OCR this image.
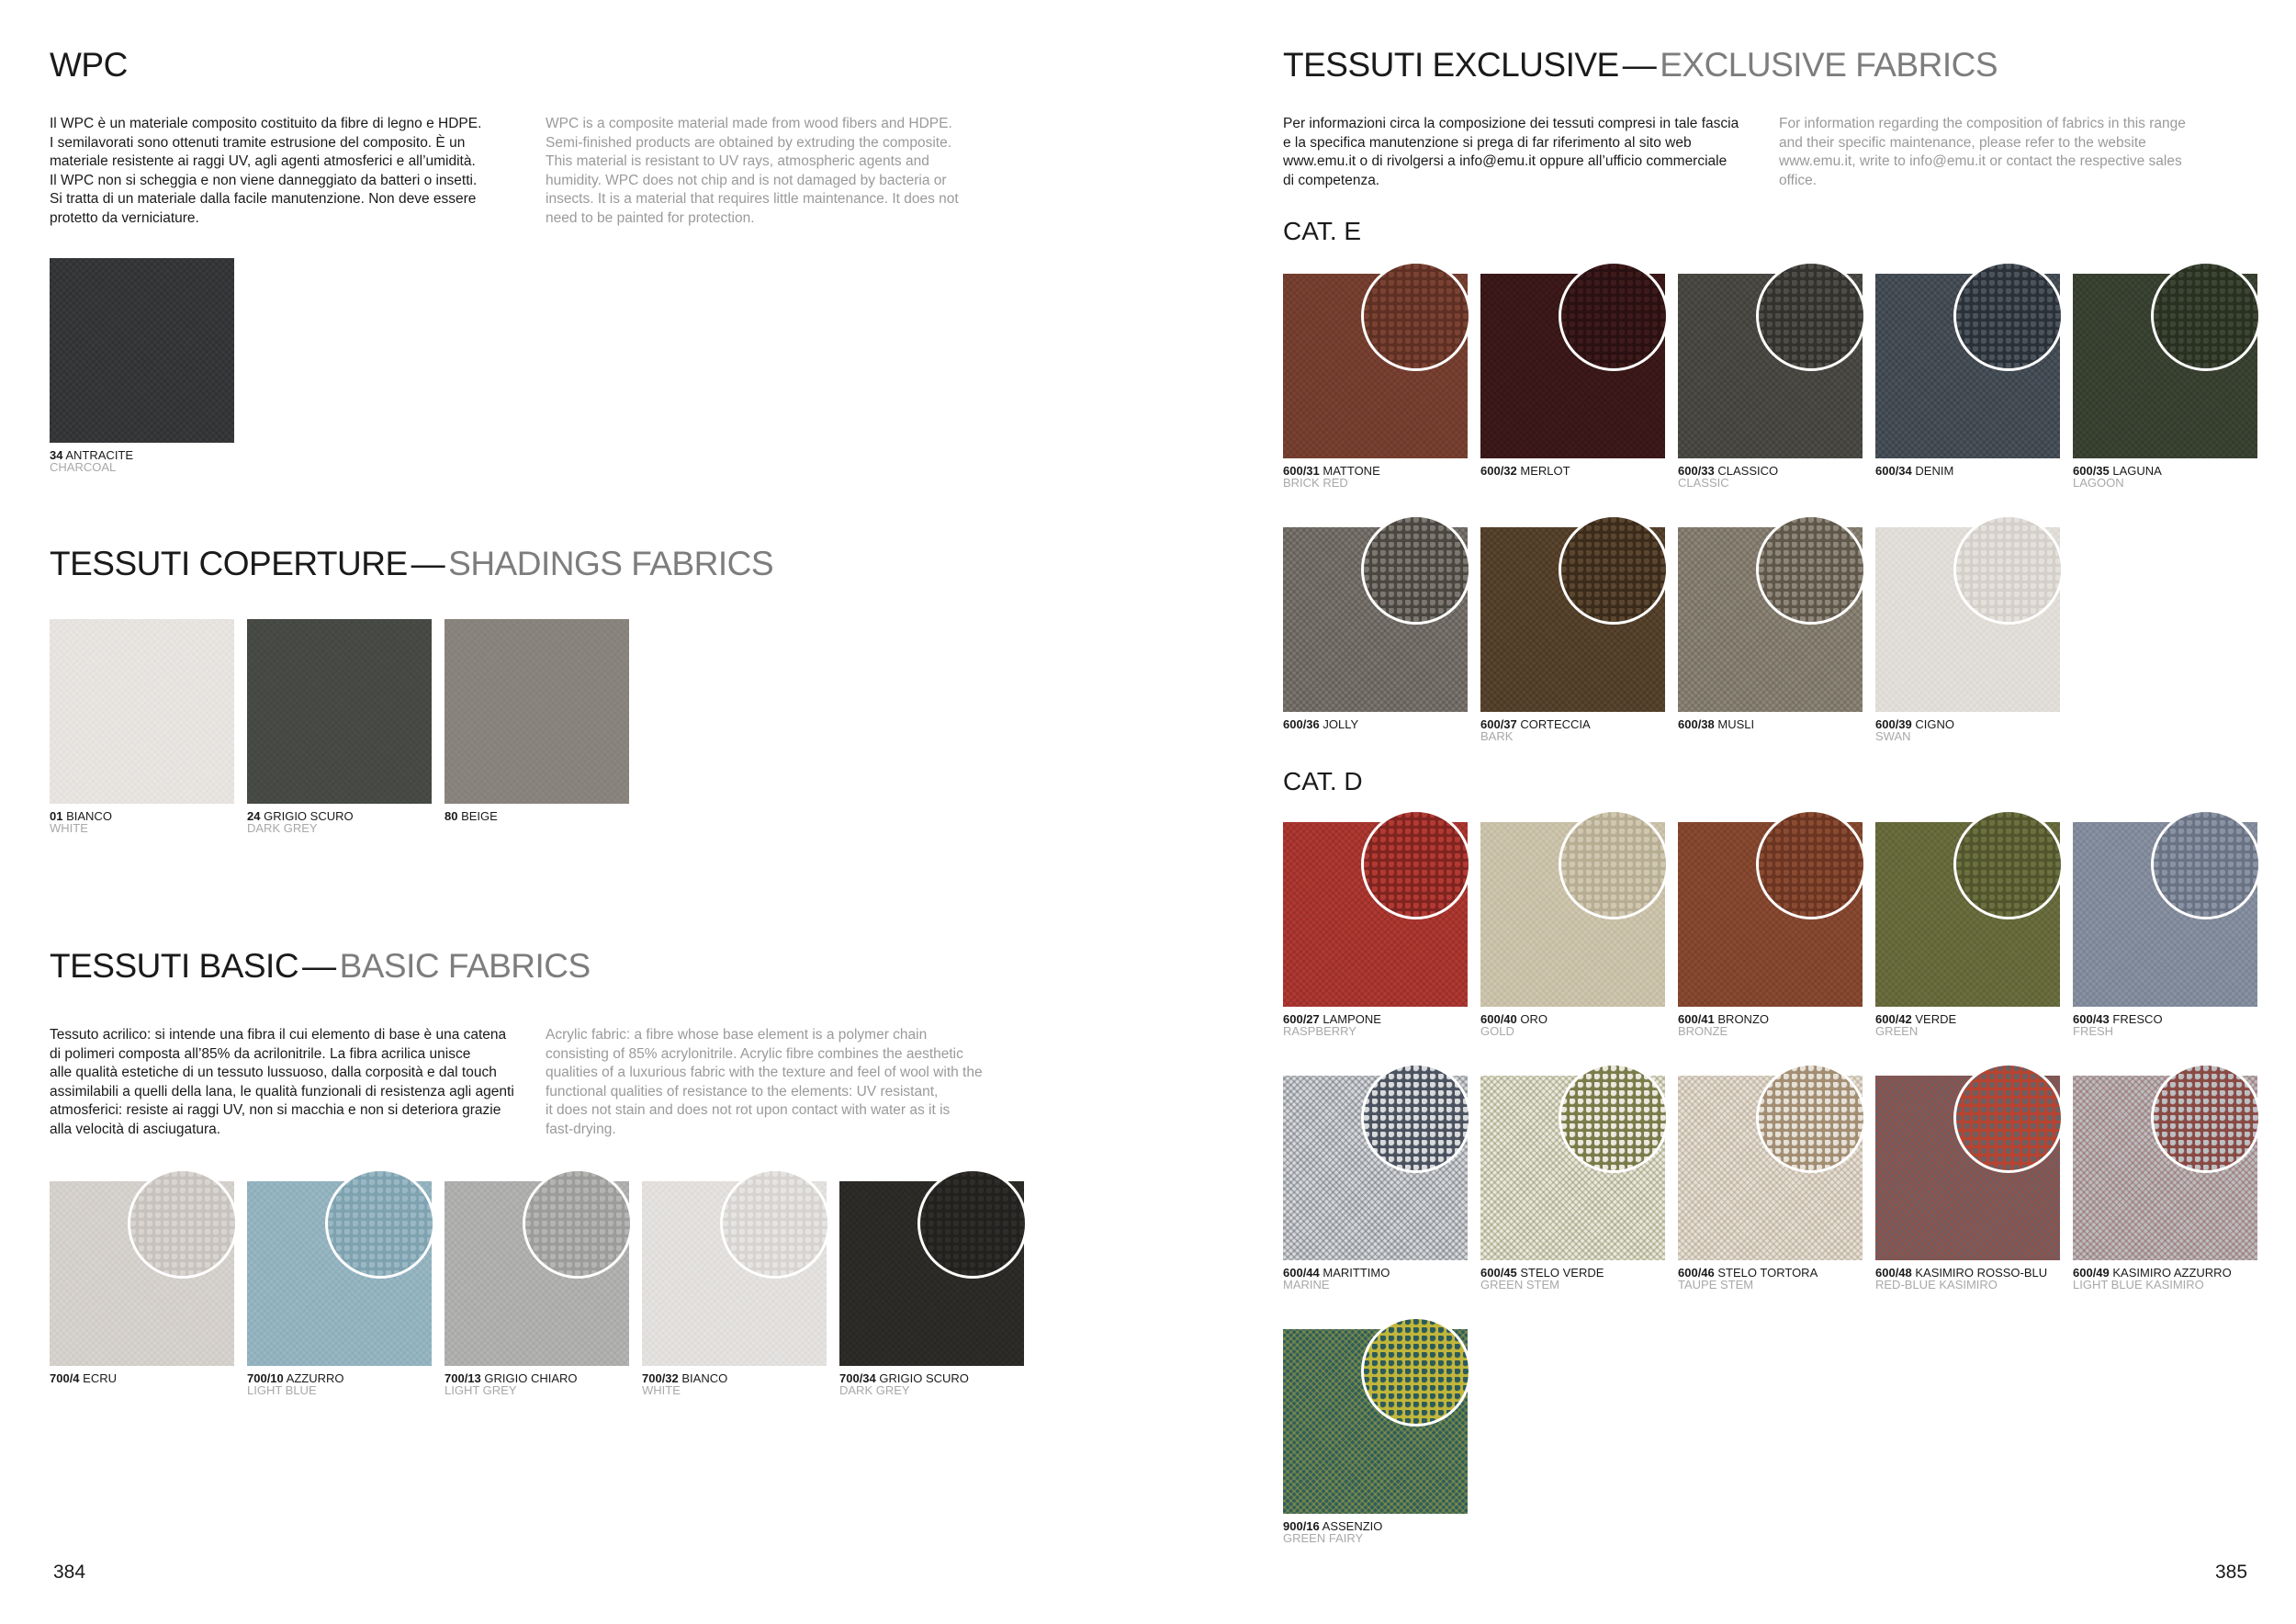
WPC

Il WPC è un materiale composito costituito da fibre di legno e HDPE.
I semilavorati sono ottenuti tramite estrusione del composito. È un
materiale resistente ai raggi UV, agli agenti atmosferici e all’umidità.
Il WPC non si scheggia e non viene danneggiato da batteri o insetti.
Si tratta di un materiale dalla facile manutenzione. Non deve essere
protetto da verniciature.

WPC is a composite material made from wood fibers and HDPE.
Semi-finished products are obtained by extruding the composite.
This material is resistant to UV rays, atmospheric agents and
humidity. WPC does not chip and is not damaged by bacteria or
insects. It is a material that requires little maintenance. It does not
need to be painted for protection.

34 ANTRACITE
CHARCOAL
TESSUTI COPERTURE — SHADINGS FABRICS
01 BIANCO
WHITE
24 GRIGIO SCURO
DARK GREY
80 BEIGE
TESSUTI BASIC — BASIC FABRICS

Tessuto acrilico: si intende una fibra il cui elemento di base è una catena
di polimeri composta all’85% da acrilonitrile. La fibra acrilica unisce
alle qualità estetiche di un tessuto lussuoso, dalla corposità e dal touch
assimilabili a quelli della lana, le qualità funzionali di resistenza agli agenti
atmosferici: resiste ai raggi UV, non si macchia e non si deteriora grazie
alla velocità di asciugatura.

Acrylic fabric: a fibre whose base element is a polymer chain
consisting of 85% acrylonitrile. Acrylic fibre combines the aesthetic
qualities of a luxurious fabric with the texture and feel of wool with the
functional qualities of resistance to the elements: UV resistant,
it does not stain and does not rot upon contact with water as it is
fast-drying.

700/4 ECRU	700/10 AZZURRO
LIGHT BLUE
700/13 GRIGIO CHIARO
LIGHT GREY
700/32 BIANCO
WHITE
700/34 GRIGIO SCURO
DARK GREY
384
TESSUTI EXCLUSIVE — EXCLUSIVE FABRICS

Per informazioni circa la composizione dei tessuti compresi in tale fascia
e la specifica manutenzione si prega di far riferimento al sito web
www.emu.it o di rivolgersi a info@emu.it oppure all’ufficio commerciale
di competenza.

For information regarding the composition of fabrics in this range
and their specific maintenance, please refer to the website
www.emu.it, write to info@emu.it or contact the respective sales
office.

CAT. E
600/31 MATTONE
BRICK RED
600/32 MERLOT	600/33 CLASSICO
CLASSIC
600/34 DENIM	600/35 LAGUNA
LAGOON
600/36 JOLLY	600/37 CORTECCIA
BARK
600/38 MUSLI	600/39 CIGNO
SWAN
CAT. D
600/27 LAMPONE
RASPBERRY
600/40 ORO
GOLD
600/41 BRONZO
BRONZE
600/42 VERDE
GREEN
600/43 FRESCO
FRESH
600/44 MARITTIMO
MARINE
600/45 STELO VERDE
GREEN STEM
600/46 STELO TORTORA
TAUPE STEM
600/48 KASIMIRO ROSSO-BLU
RED-BLUE KASIMIRO
600/49 KASIMIRO AZZURRO
LIGHT BLUE KASIMIRO
900/16 ASSENZIO
GREEN FAIRY
385
